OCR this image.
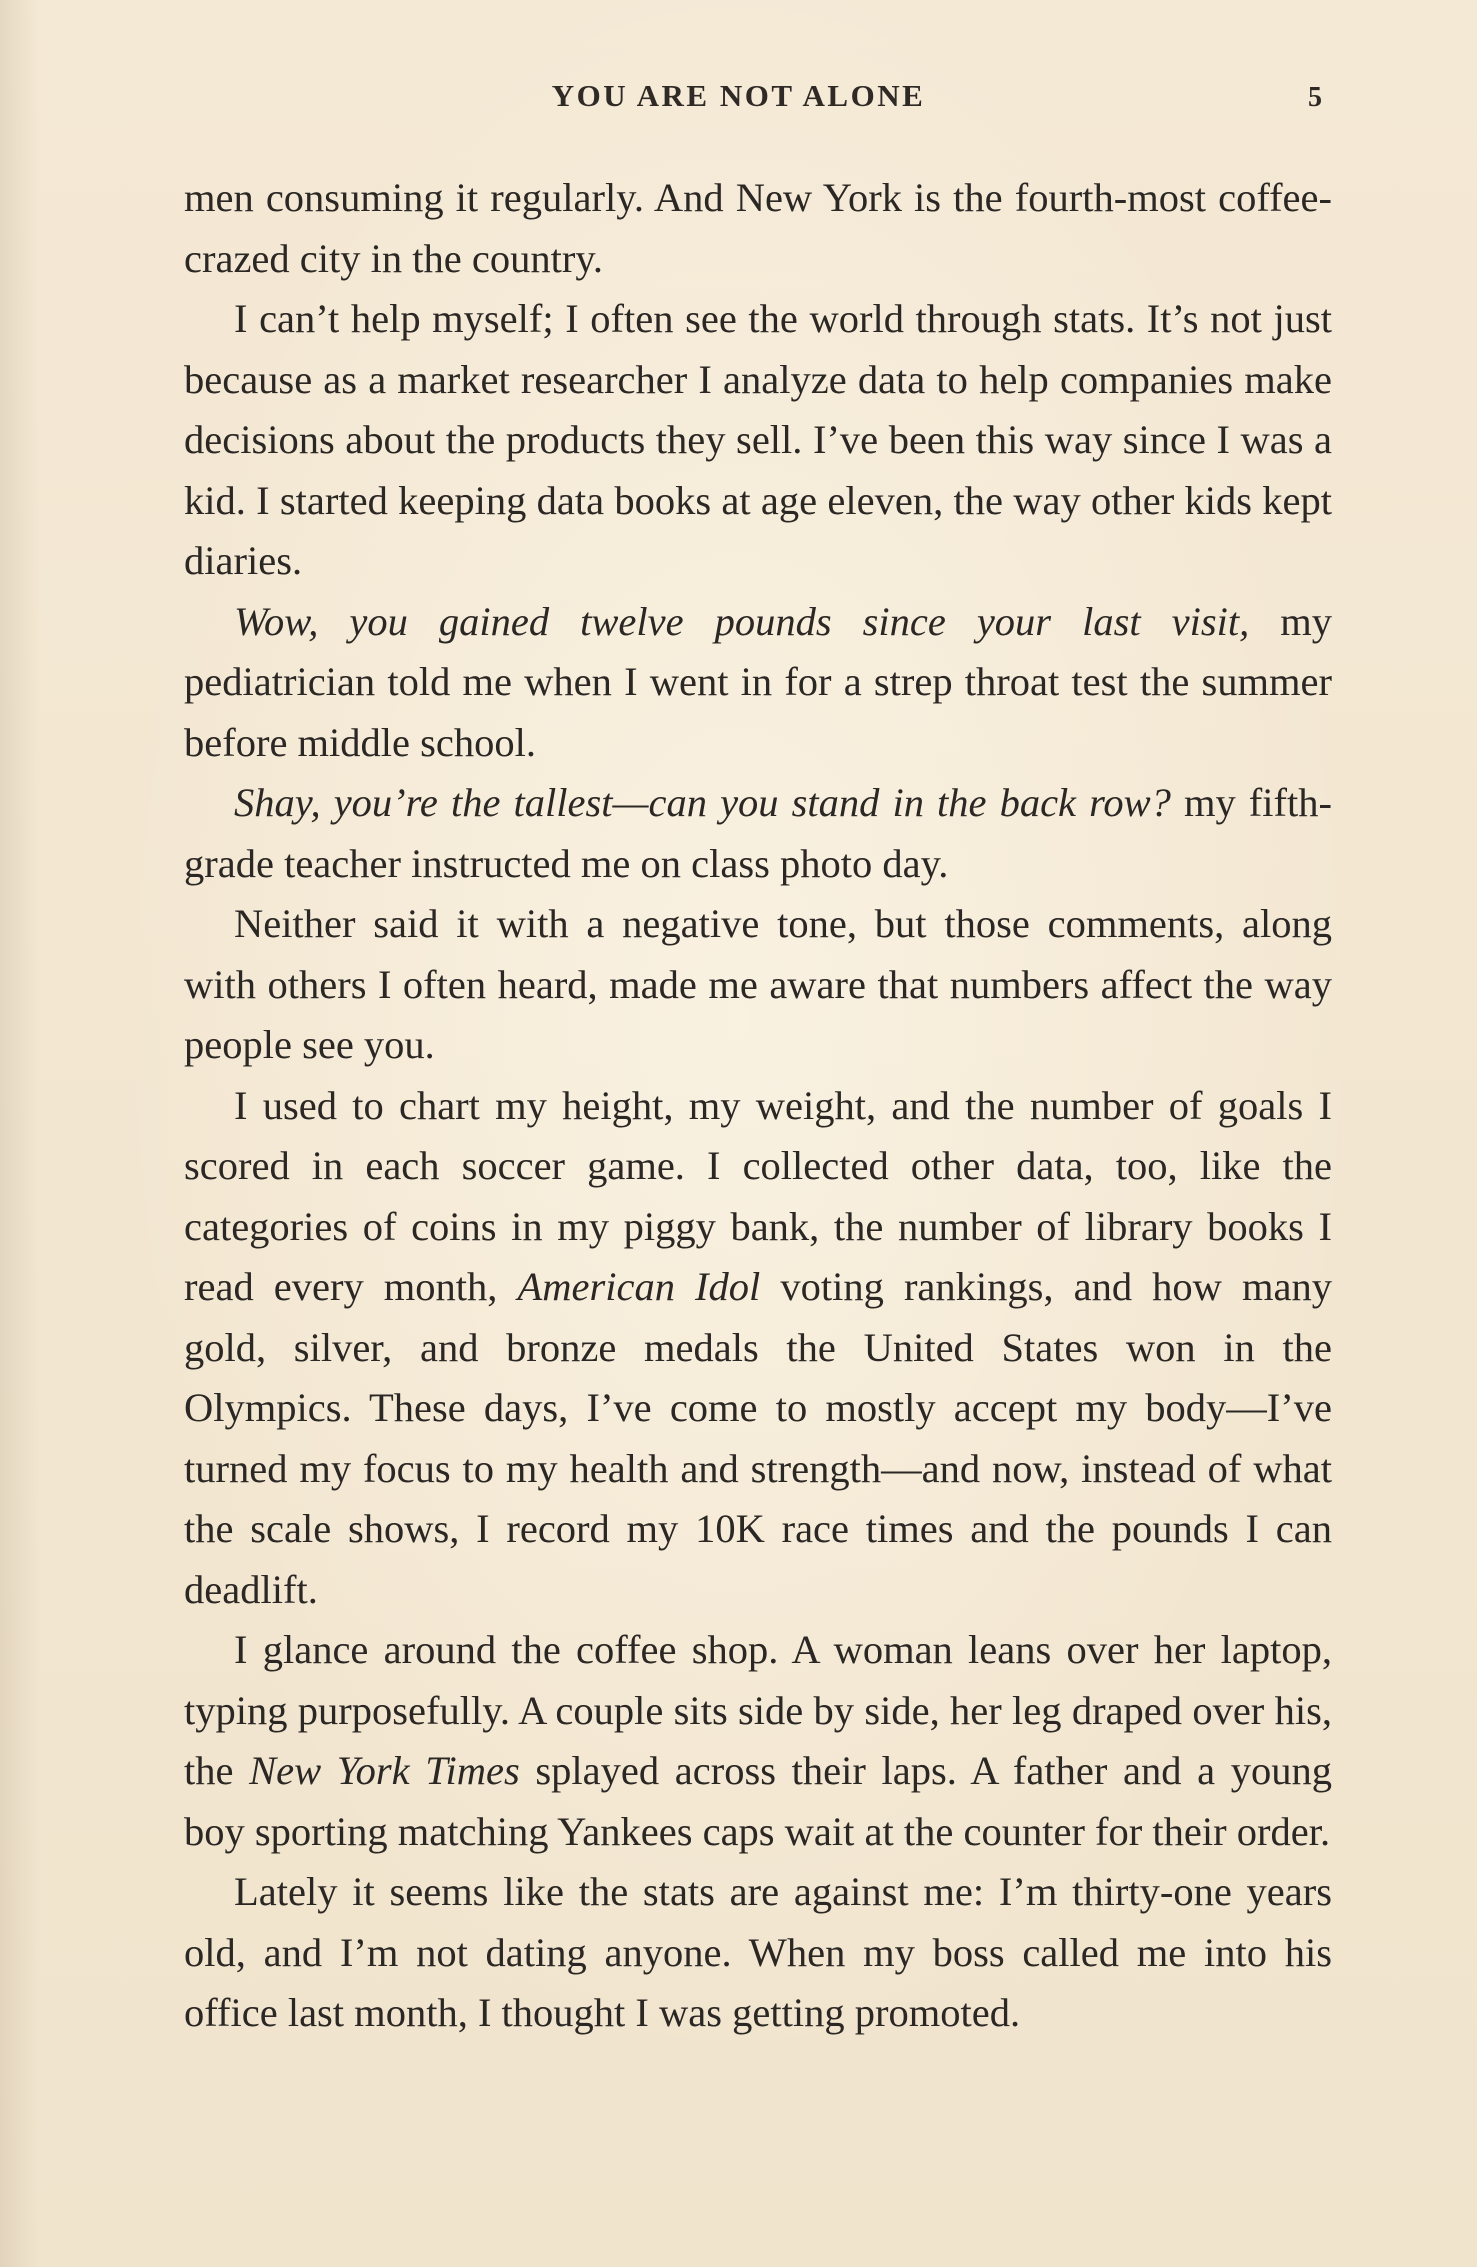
YOU ARE NOT ALONE	5

men consuming it regularly. And New York is the fourth-most coffee-crazed city in the country.

I can’t help myself; I often see the world through stats. It’s not just because as a market researcher I analyze data to help companies make decisions about the products they sell. I’ve been this way since I was a kid. I started keeping data books at age eleven, the way other kids kept diaries.

Wow, you gained twelve pounds since your last visit, my pediatrician told me when I went in for a strep throat test the summer before middle school.

Shay, you’re the tallest—can you stand in the back row? my fifth-grade teacher instructed me on class photo day.

Neither said it with a negative tone, but those comments, along with others I often heard, made me aware that numbers affect the way people see you.

I used to chart my height, my weight, and the number of goals I scored in each soccer game. I collected other data, too, like the categories of coins in my piggy bank, the number of library books I read every month, American Idol voting rankings, and how many gold, silver, and bronze medals the United States won in the Olympics. These days, I’ve come to mostly accept my body—I’ve turned my focus to my health and strength—and now, instead of what the scale shows, I record my 10K race times and the pounds I can deadlift.

I glance around the coffee shop. A woman leans over her laptop, typing purposefully. A couple sits side by side, her leg draped over his, the New York Times splayed across their laps. A father and a young boy sporting matching Yankees caps wait at the counter for their order.

Lately it seems like the stats are against me: I’m thirty-one years old, and I’m not dating anyone. When my boss called me into his office last month, I thought I was getting promoted.
